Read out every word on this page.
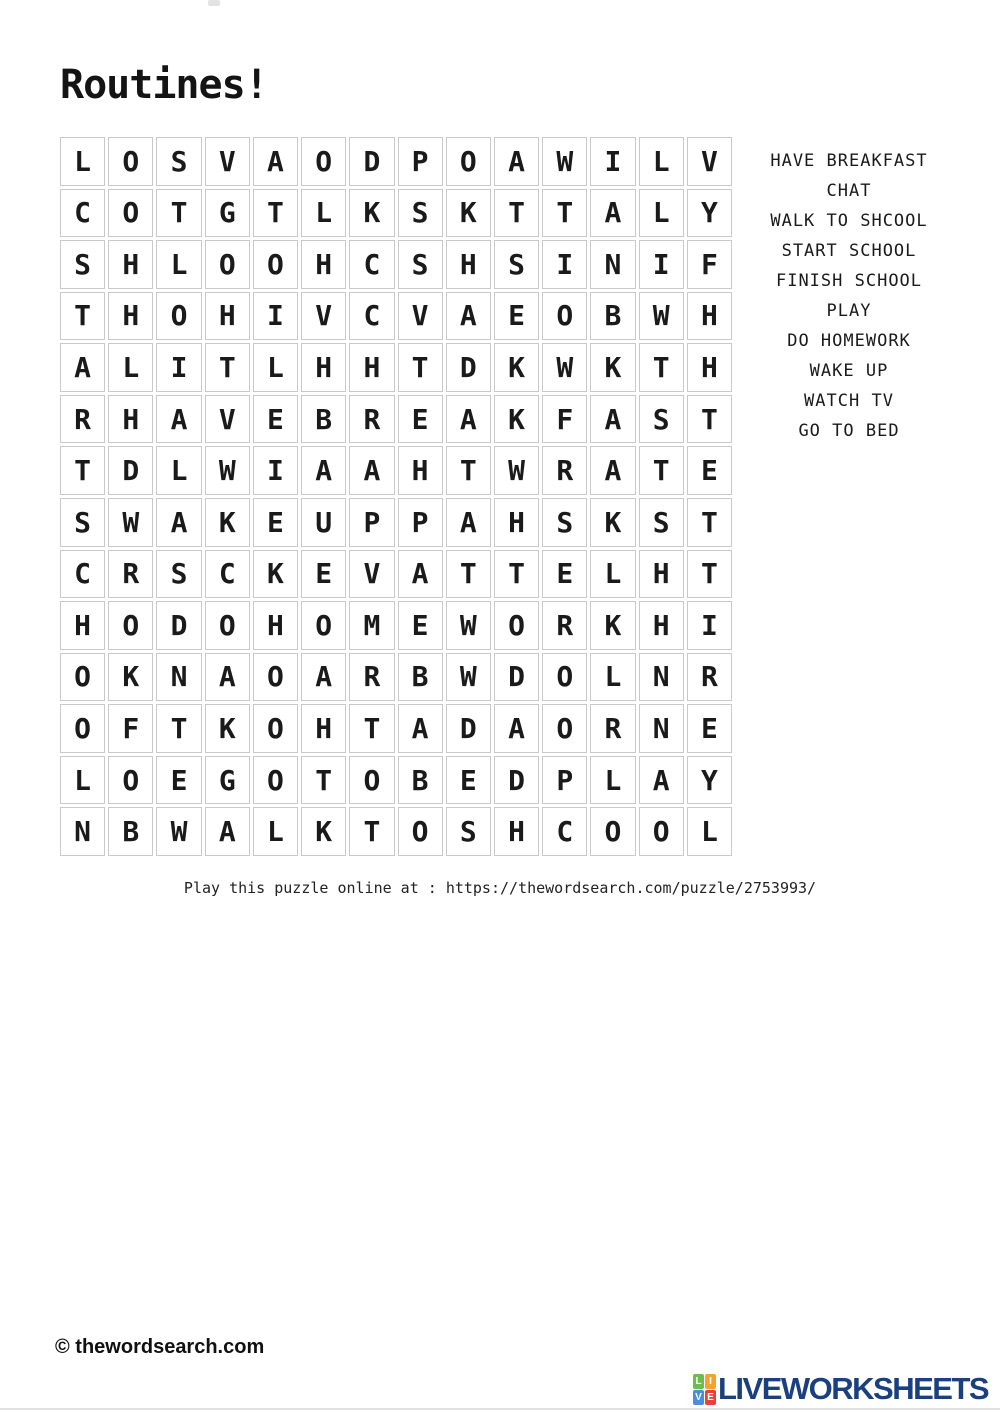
Routines!
L	O	S	V	A	O	D	P	O	A	W	I	L	V
C	O	T	G	T	L	K	S	K	T	T	A	L	Y
S	H	L	O	O	H	C	S	H	S	I	N	I	F
T	H	O	H	I	V	C	V	A	E	O	B	W	H
A	L	I	T	L	H	H	T	D	K	W	K	T	H
R	H	A	V	E	B	R	E	A	K	F	A	S	T
T	D	L	W	I	A	A	H	T	W	R	A	T	E
S	W	A	K	E	U	P	P	A	H	S	K	S	T
C	R	S	C	K	E	V	A	T	T	E	L	H	T
H	O	D	O	H	O	M	E	W	O	R	K	H	I
O	K	N	A	O	A	R	B	W	D	O	L	N	R
O	F	T	K	O	H	T	A	D	A	O	R	N	E
L	O	E	G	O	T	O	B	E	D	P	L	A	Y
N	B	W	A	L	K	T	O	S	H	C	O	O	L
HAVE BREAKFAST
CHAT
WALK TO SHCOOL
START SCHOOL
FINISH SCHOOL
PLAY
DO HOMEWORK
WAKE UP
WATCH TV
GO TO BED
Play this puzzle online at : https://thewordsearch.com/puzzle/2753993/
© thewordsearch.com
L I
V E LIVEWORKSHEETS
